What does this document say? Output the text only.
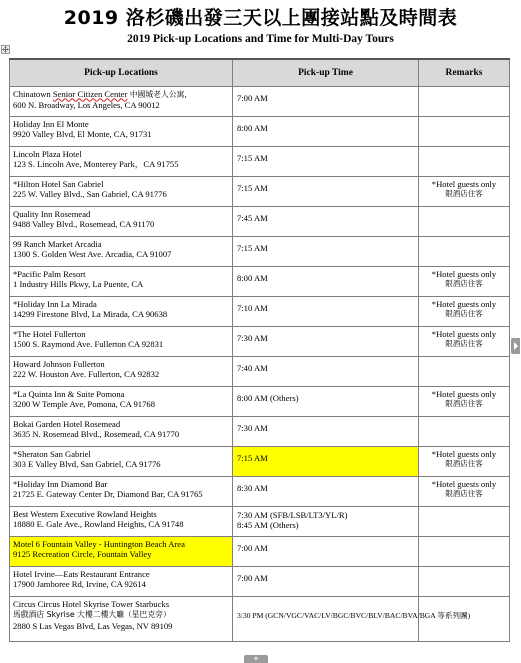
2019 洛杉磯出發三天以上團接站點及時間表
2019 Pick-up Locations and Time for Multi-Day Tours
Pick-up Locations	Pick-up Time	Remarks
Chinatown Senior Citizen Center 中國城老人公寓,
600 N. Broadway, Los Angeles, CA 90012	7:00 AM	
Holiday Inn El Monte
9920 Valley Blvd, El Monte, CA, 91731	8:00 AM	
Lincoln Plaza Hotel
123 S. Lincoln Ave, Monterey Park，CA 91755	7:15 AM	
*Hilton Hotel San Gabriel
225 W. Valley Blvd., San Gabriel, CA 91776	7:15 AM	*Hotel guests only
限酒店住客

Quality Inn Rosemead
9488 Valley Blvd., Rosemead, CA 91170	7:45 AM	
99 Ranch Market Arcadia
1300 S. Golden West Ave. Arcadia, CA 91007	7:15 AM	
*Pacific Palm Resort
1 Industry Hills Pkwy, La Puente, CA	8:00 AM	*Hotel guests only
限酒店住客

*Holiday Inn La Mirada
14299 Firestone Blvd, La Mirada, CA 90638	7:10 AM	*Hotel guests only
限酒店住客

*The Hotel Fullerton
1500 S. Raymond Ave. Fullerton CA 92831	7:30 AM	*Hotel guests only
限酒店住客

Howard Johnson Fullerton
222 W. Houston Ave. Fullerton, CA 92832	7:40 AM	
*La Quinta Inn & Suite Pomona
3200 W Temple Ave, Pomona, CA 91768	8:00 AM (Others)	*Hotel guests only
限酒店住客

Bokai Garden Hotel Rosemead
3635 N. Rosemead Blvd., Rosemead, CA 91770	7:30 AM	
*Sheraton San Gabriel
303 E Valley Blvd, San Gabriel, CA 91776	7:15 AM	*Hotel guests only
限酒店住客

*Holiday Inn Diamond Bar
21725 E. Gateway Center Dr, Diamond Bar, CA 91765	8:30 AM	*Hotel guests only
限酒店住客

Best Western Executive Rowland Heights
18880 E. Gale Ave., Rowland Heights, CA 91748	7:30 AM (SFB/LSB/LT3/YL/R)
8:45 AM (Others)	
Motel 6 Fountain Valley - Huntington Beach Area
9125 Recreation Circle, Fountain Valley	7:00 AM	
Hotel Irvine—Eats Restaurant Entrance
17900 Jamboree Rd, Irvine, CA 92614	7:00 AM	
Circus Circus Hotel Skyrise Tower Starbucks
馬戲酒店 Skyrise 大樓二樓大廳（星巴克旁）
2880 S Las Vegas Blvd, Las Vegas, NV 89109	3:30 PM (GCN/VGC/VAC/LV/BGC/BVC/BLV/BAC/BVA/BGA 等系列團)	
+
